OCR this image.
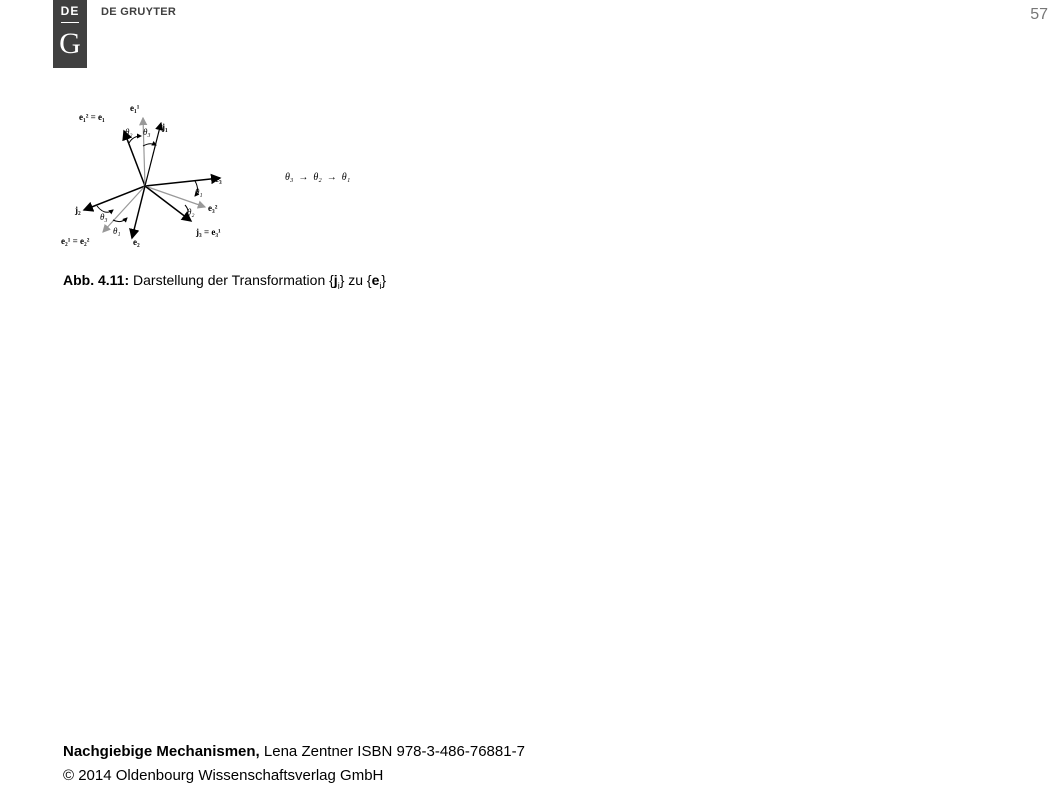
DE
G
DE GRUYTER	57
e₁² = e₁
e₁¹
j₁
θ₂ θ₃
e₃
θ₁
e₃²
θ₂
j₃ = e₃¹
j₂
θ₃
θ₁
e₂¹ = e₂²	e₂
θ₃  →  θ₂  →  θ₁
Abb. 4.11: Darstellung der Transformation $\{j_i\}$ zu $\{e_i\}$
Nachgiebige Mechanismen, Lena Zentner ISBN 978-3-486-76881-7
© 2014 Oldenbourg Wissenschaftsverlag GmbH
